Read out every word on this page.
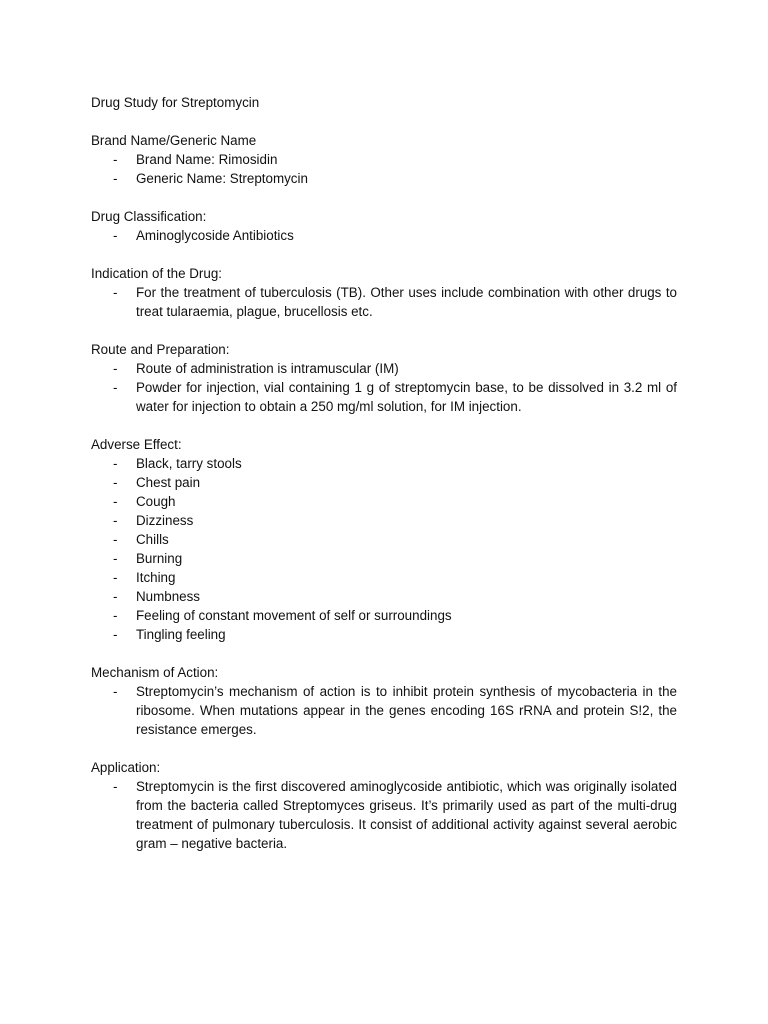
Drug Study for Streptomycin
Brand Name/Generic Name
- Brand Name: Rimosidin
- Generic Name: Streptomycin
Drug Classification:
- Aminoglycoside Antibiotics
Indication of the Drug:
- For the treatment of tuberculosis (TB). Other uses include combination with other drugs to treat tularaemia, plague, brucellosis etc.
Route and Preparation:
- Route of administration is intramuscular (IM)
- Powder for injection, vial containing 1 g of streptomycin base, to be dissolved in 3.2 ml of water for injection to obtain a 250 mg/ml solution, for IM injection.
Adverse Effect:
- Black, tarry stools
- Chest pain
- Cough
- Dizziness
- Chills
- Burning
- Itching
- Numbness
- Feeling of constant movement of self or surroundings
- Tingling feeling
Mechanism of Action:
- Streptomycin’s mechanism of action is to inhibit protein synthesis of mycobacteria in the ribosome. When mutations appear in the genes encoding 16S rRNA and protein S!2, the resistance emerges.
Application:
- Streptomycin is the first discovered aminoglycoside antibiotic, which was originally isolated from the bacteria called Streptomyces griseus. It’s primarily used as part of the multi-drug treatment of pulmonary tuberculosis. It consist of additional activity against several aerobic gram – negative bacteria.
